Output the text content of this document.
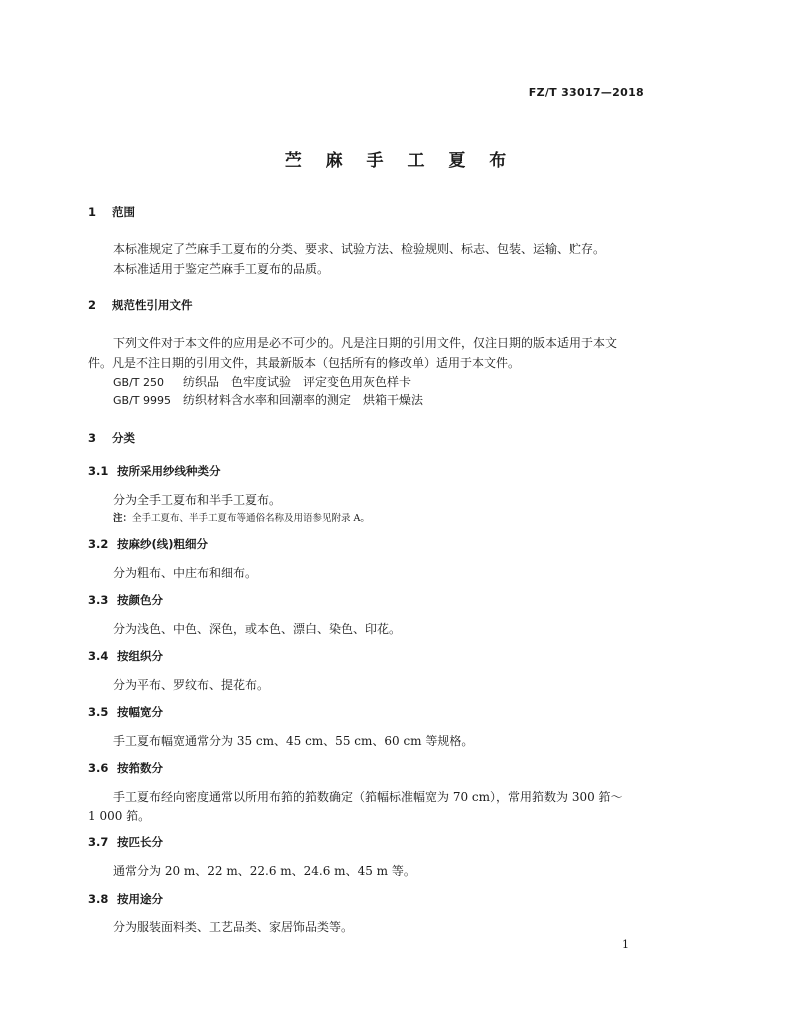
FZ/T 33017—2018
苎 麻 手 工 夏 布
1 范围
本标准规定了苎麻手工夏布的分类、要求、试验方法、检验规则、标志、包装、运输、贮存。
本标准适用于鉴定苎麻手工夏布的品质。
2 规范性引用文件
下列文件对于本文件的应用是必不可少的。凡是注日期的引用文件，仅注日期的版本适用于本文
件。凡是不注日期的引用文件，其最新版本（包括所有的修改单）适用于本文件。
GB/T 250 纺织品　色牢度试验　评定变色用灰色样卡
GB/T 9995 纺织材料含水率和回潮率的测定　烘箱干燥法
3 分类
3.1 按所采用纱线种类分
分为全手工夏布和半手工夏布。
注：全手工夏布、半手工夏布等通俗名称及用语参见附录 A。
3.2 按麻纱(线)粗细分
分为粗布、中庄布和细布。
3.3 按颜色分
分为浅色、中色、深色，或本色、漂白、染色、印花。
3.4 按组织分
分为平布、罗纹布、提花布。
3.5 按幅宽分
手工夏布幅宽通常分为 35 cm、45 cm、55 cm、60 cm 等规格。
3.6 按筘数分
手工夏布经向密度通常以所用布筘的筘数确定（筘幅标准幅宽为 70 cm），常用筘数为 300 筘～
1 000 筘。
3.7 按匹长分
通常分为 20 m、22 m、22.6 m、24.6 m、45 m 等。
3.8 按用途分
分为服装面料类、工艺品类、家居饰品类等。
1
